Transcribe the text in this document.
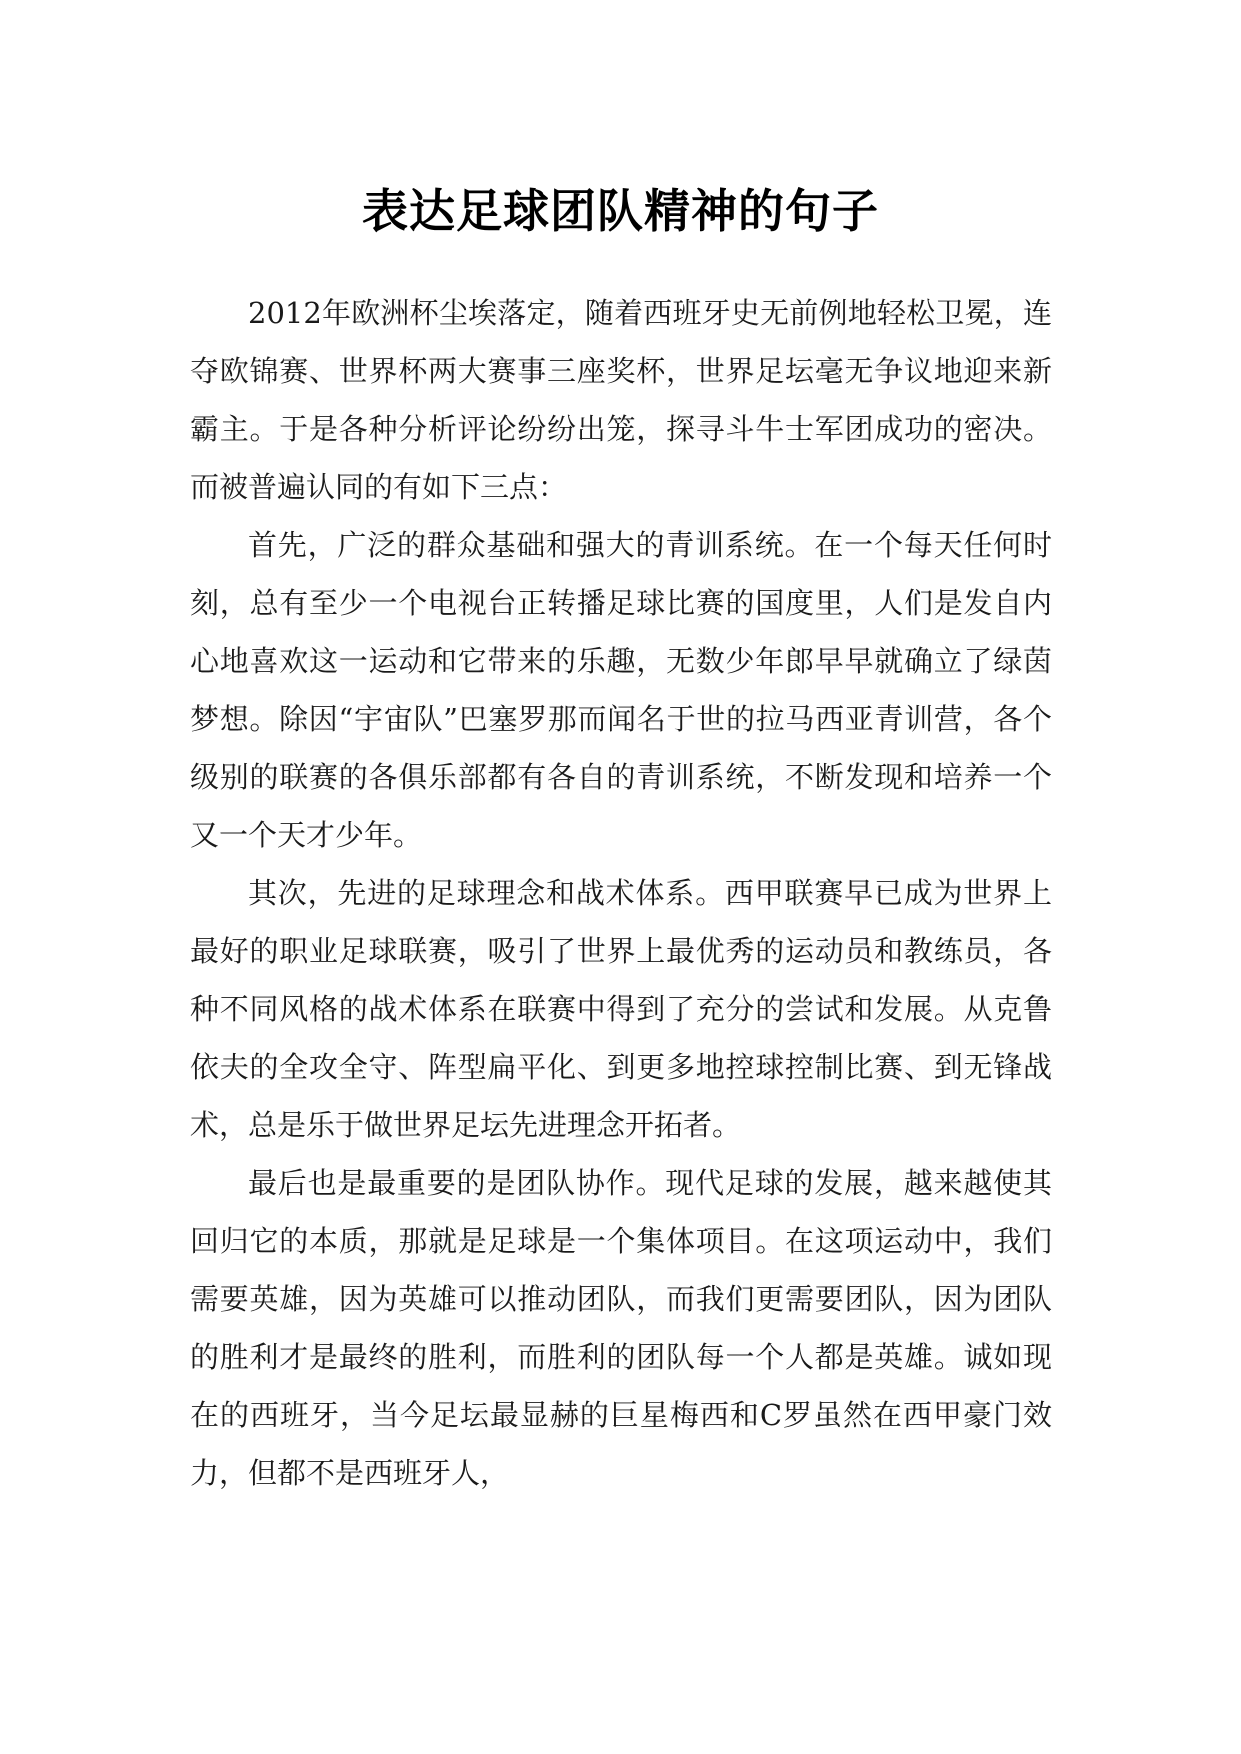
表达足球团队精神的句子

2012年欧洲杯尘埃落定，随着西班牙史无前例地轻松卫冕，连夺欧锦赛、世界杯两大赛事三座奖杯，世界足坛毫无争议地迎来新霸主。于是各种分析评论纷纷出笼，探寻斗牛士军团成功的密决。而被普遍认同的有如下三点：

首先，广泛的群众基础和强大的青训系统。在一个每天任何时刻，总有至少一个电视台正转播足球比赛的国度里，人们是发自内心地喜欢这一运动和它带来的乐趣，无数少年郎早早就确立了绿茵梦想。除因“宇宙队”巴塞罗那而闻名于世的拉马西亚青训营，各个级别的联赛的各俱乐部都有各自的青训系统，不断发现和培养一个又一个天才少年。

其次，先进的足球理念和战术体系。西甲联赛早已成为世界上最好的职业足球联赛，吸引了世界上最优秀的运动员和教练员，各种不同风格的战术体系在联赛中得到了充分的尝试和发展。从克鲁依夫的全攻全守、阵型扁平化、到更多地控球控制比赛、到无锋战术，总是乐于做世界足坛先进理念开拓者。

最后也是最重要的是团队协作。现代足球的发展，越来越使其回归它的本质，那就是足球是一个集体项目。在这项运动中，我们需要英雄，因为英雄可以推动团队，而我们更需要团队，因为团队的胜利才是最终的胜利，而胜利的团队每一个人都是英雄。诚如现在的西班牙，当今足坛最显赫的巨星梅西和C罗虽然在西甲豪门效力，但都不是西班牙人，
